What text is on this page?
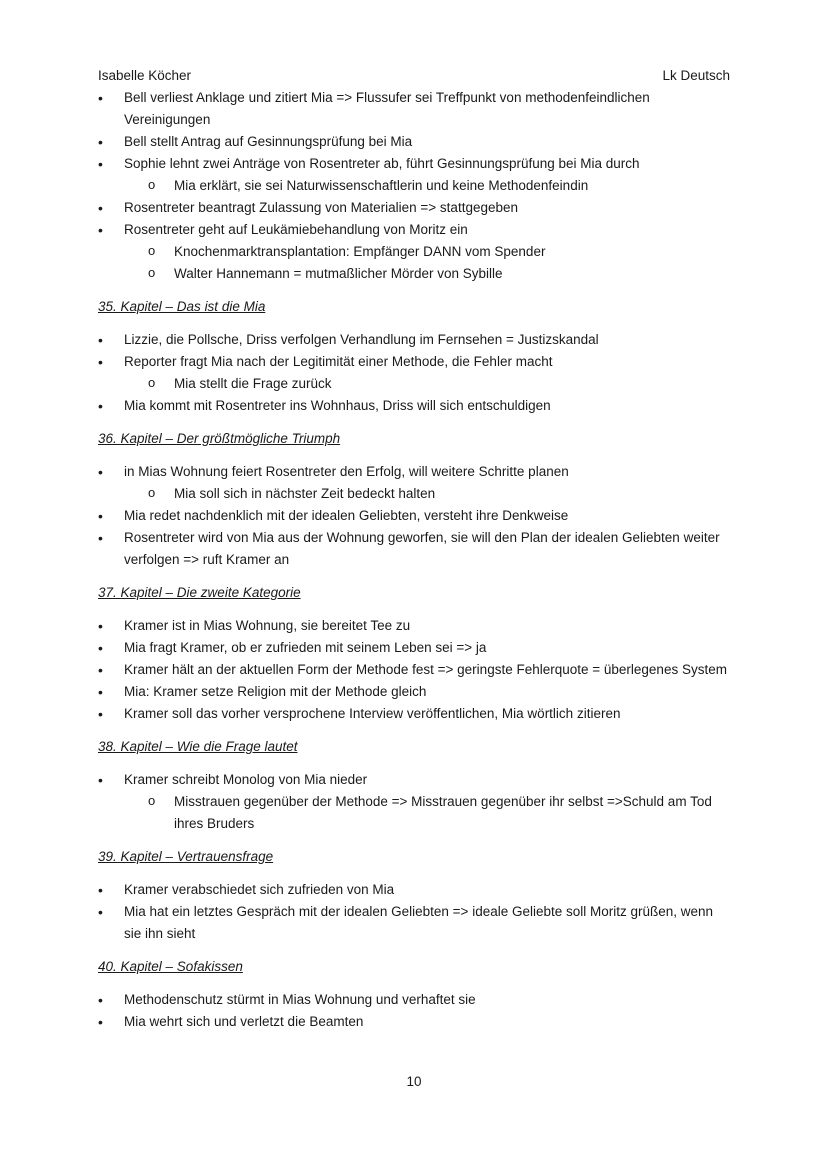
Isabelle Köcher	Lk Deutsch
• Bell verliest Anklage und zitiert Mia => Flussufer sei Treffpunkt von methodenfeindlichen Vereinigungen
• Bell stellt Antrag auf Gesinnungsprüfung bei Mia
• Sophie lehnt zwei Anträge von Rosentreter ab, führt Gesinnungsprüfung bei Mia durch
o Mia erklärt, sie sei Naturwissenschaftlerin und keine Methodenfeindin
• Rosentreter beantragt Zulassung von Materialien => stattgegeben
• Rosentreter geht auf Leukämiebehandlung von Moritz ein
o Knochenmarktransplantation: Empfänger DANN vom Spender
o Walter Hannemann = mutmaßlicher Mörder von Sybille
35. Kapitel – Das ist die Mia
• Lizzie, die Pollsche, Driss verfolgen Verhandlung im Fernsehen = Justizskandal
• Reporter fragt Mia nach der Legitimität einer Methode, die Fehler macht
o Mia stellt die Frage zurück
• Mia kommt mit Rosentreter ins Wohnhaus, Driss will sich entschuldigen
36. Kapitel – Der größtmögliche Triumph
• in Mias Wohnung feiert Rosentreter den Erfolg, will weitere Schritte planen
o Mia soll sich in nächster Zeit bedeckt halten
• Mia redet nachdenklich mit der idealen Geliebten, versteht ihre Denkweise
• Rosentreter wird von Mia aus der Wohnung geworfen, sie will den Plan der idealen Geliebten weiter verfolgen => ruft Kramer an
37. Kapitel – Die zweite Kategorie
• Kramer ist in Mias Wohnung, sie bereitet Tee zu
• Mia fragt Kramer, ob er zufrieden mit seinem Leben sei => ja
• Kramer hält an der aktuellen Form der Methode fest => geringste Fehlerquote = überlegenes System
• Mia: Kramer setze Religion mit der Methode gleich
• Kramer soll das vorher versprochene Interview veröffentlichen, Mia wörtlich zitieren
38. Kapitel – Wie die Frage lautet
• Kramer schreibt Monolog von Mia nieder
o Misstrauen gegenüber der Methode => Misstrauen gegenüber ihr selbst =>Schuld am Tod ihres Bruders
39. Kapitel – Vertrauensfrage
• Kramer verabschiedet sich zufrieden von Mia
• Mia hat ein letztes Gespräch mit der idealen Geliebten => ideale Geliebte soll Moritz grüßen, wenn sie ihn sieht
40. Kapitel – Sofakissen
• Methodenschutz stürmt in Mias Wohnung und verhaftet sie
• Mia wehrt sich und verletzt die Beamten
10
